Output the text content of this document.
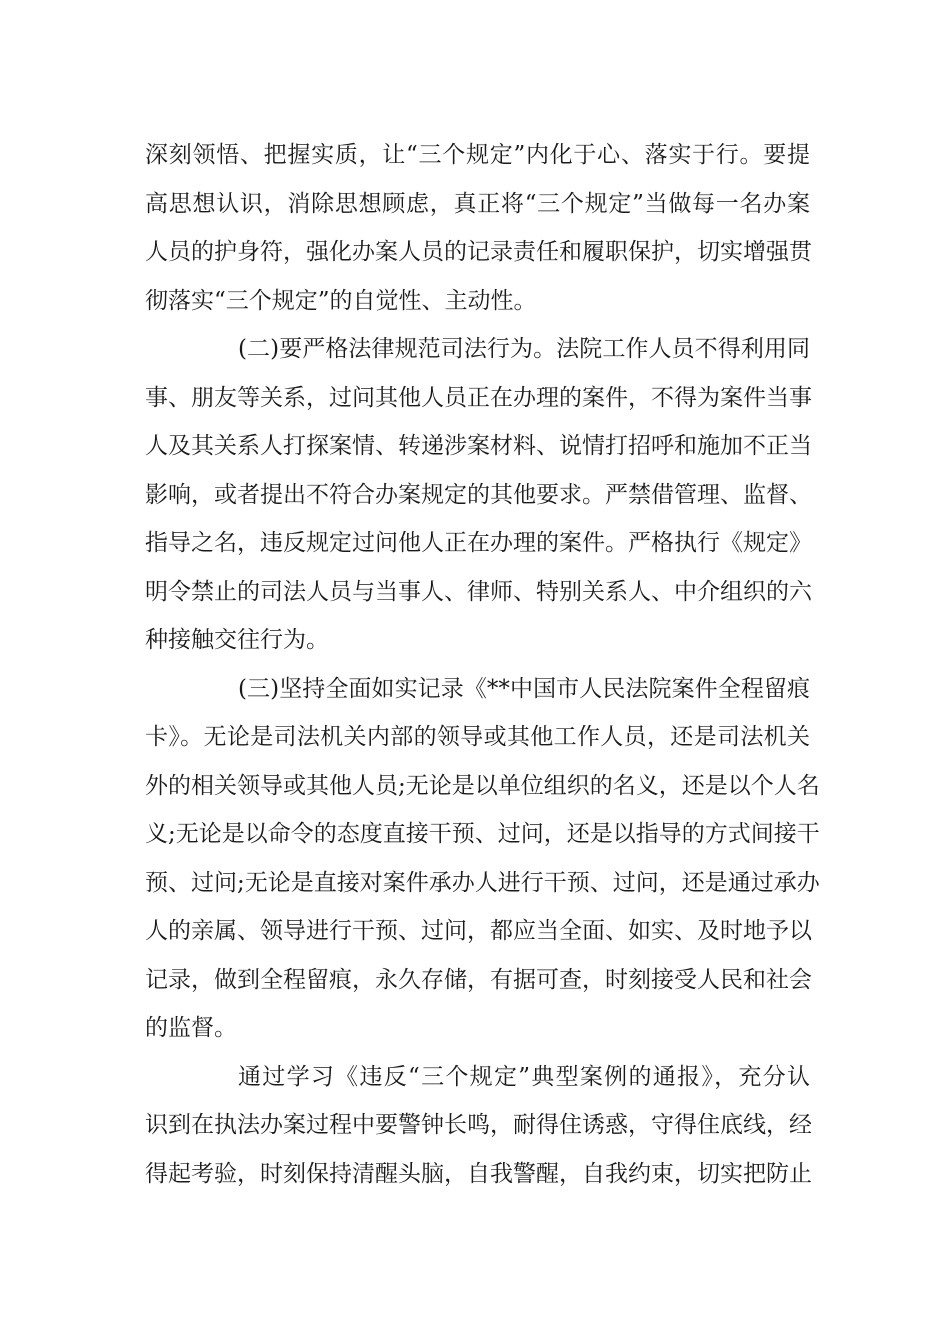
深刻领悟、把握实质，让“三个规定”内化于心、落实于行。要提
高思想认识，消除思想顾虑，真正将“三个规定”当做每一名办案
人员的护身符，强化办案人员的记录责任和履职保护，切实增强贯
彻落实“三个规定”的自觉性、主动性。
(二)要严格法律规范司法行为。法院工作人员不得利用同
事、朋友等关系，过问其他人员正在办理的案件，不得为案件当事
人及其关系人打探案情、转递涉案材料、说情打招呼和施加不正当
影响，或者提出不符合办案规定的其他要求。严禁借管理、监督、
指导之名，违反规定过问他人正在办理的案件。严格执行《规定》
明令禁止的司法人员与当事人、律师、特别关系人、中介组织的六
种接触交往行为。
(三)坚持全面如实记录《**中国市人民法院案件全程留痕
卡》。无论是司法机关内部的领导或其他工作人员，还是司法机关
外的相关领导或其他人员;无论是以单位组织的名义，还是以个人名
义;无论是以命令的态度直接干预、过问，还是以指导的方式间接干
预、过问;无论是直接对案件承办人进行干预、过问，还是通过承办
人的亲属、领导进行干预、过问，都应当全面、如实、及时地予以
记录，做到全程留痕，永久存储，有据可查，时刻接受人民和社会
的监督。
通过学习《违反“三个规定”典型案例的通报》，充分认
识到在执法办案过程中要警钟长鸣，耐得住诱惑，守得住底线，经
得起考验，时刻保持清醒头脑，自我警醒，自我约束，切实把防止
